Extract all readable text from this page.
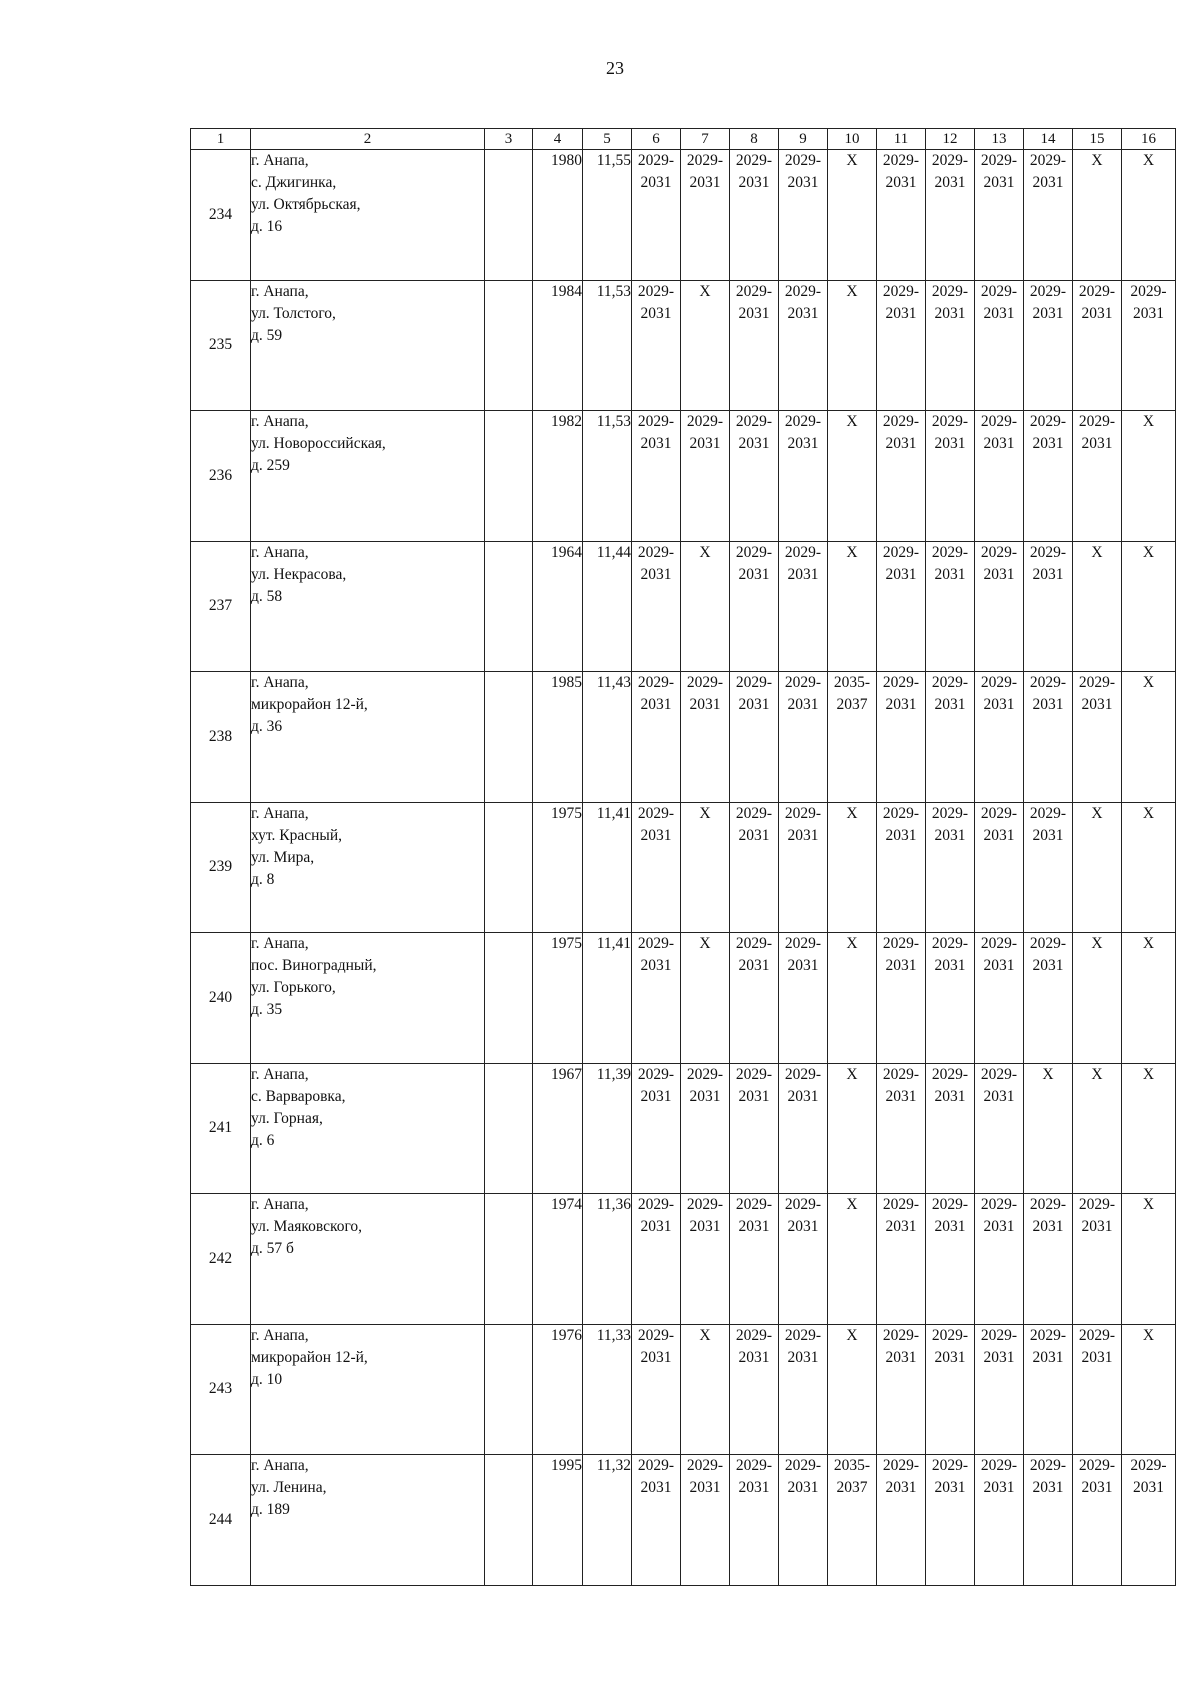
23
1	2	3	4	5	6	7	8	9	10	11	12	13	14	15	16
234	г. Анапа,
с. Джигинка,
ул. Октябрьская,
д. 16		1980	11,55	2029-
2031	2029-
2031	2029-
2031	2029-
2031	X	2029-
2031	2029-
2031	2029-
2031	2029-
2031	X	X
235	г. Анапа,
ул. Толстого,
д. 59		1984	11,53	2029-
2031	X	2029-
2031	2029-
2031	X	2029-
2031	2029-
2031	2029-
2031	2029-
2031	2029-
2031	2029-
2031

236	г. Анапа,
ул. Новороссийская,
д. 259		1982	11,53	2029-
2031	2029-
2031	2029-
2031	2029-
2031	X	2029-
2031	2029-
2031	2029-
2031	2029-
2031	2029-
2031	X
237	г. Анапа,
ул. Некрасова,
д. 58		1964	11,44	2029-
2031	X	2029-
2031	2029-
2031	X	2029-
2031	2029-
2031	2029-
2031	2029-
2031	X	X
238	г. Анапа,
микрорайон 12-й,
д. 36		1985	11,43	2029-
2031	2029-
2031	2029-
2031	2029-
2031	2035-
2037	2029-
2031	2029-
2031	2029-
2031	2029-
2031	2029-
2031	X
239	г. Анапа,
хут. Красный,
ул. Мира,
д. 8		1975	11,41	2029-
2031	X	2029-
2031	2029-
2031	X	2029-
2031	2029-
2031	2029-
2031	2029-
2031	X	X
240	г. Анапа,
пос. Виноградный,
ул. Горького,
д. 35		1975	11,41	2029-
2031	X	2029-
2031	2029-
2031	X	2029-
2031	2029-
2031	2029-
2031	2029-
2031	X	X
241	г. Анапа,
с. Варваровка,
ул. Горная,
д. 6		1967	11,39	2029-
2031	2029-
2031	2029-
2031	2029-
2031	X	2029-
2031	2029-
2031	2029-
2031	X	X	X
242	г. Анапа,
ул. Маяковского,
д. 57 б		1974	11,36	2029-
2031	2029-
2031	2029-
2031	2029-
2031	X	2029-
2031	2029-
2031	2029-
2031	2029-
2031	2029-
2031	X
243	г. Анапа,
микрорайон 12-й,
д. 10		1976	11,33	2029-
2031	X	2029-
2031	2029-
2031	X	2029-
2031	2029-
2031	2029-
2031	2029-
2031	2029-
2031	X
244	г. Анапа,
ул. Ленина,
д. 189		1995	11,32	2029-
2031	2029-
2031	2029-
2031	2029-
2031	2035-
2037	2029-
2031	2029-
2031	2029-
2031	2029-
2031	2029-
2031	2029-
2031
